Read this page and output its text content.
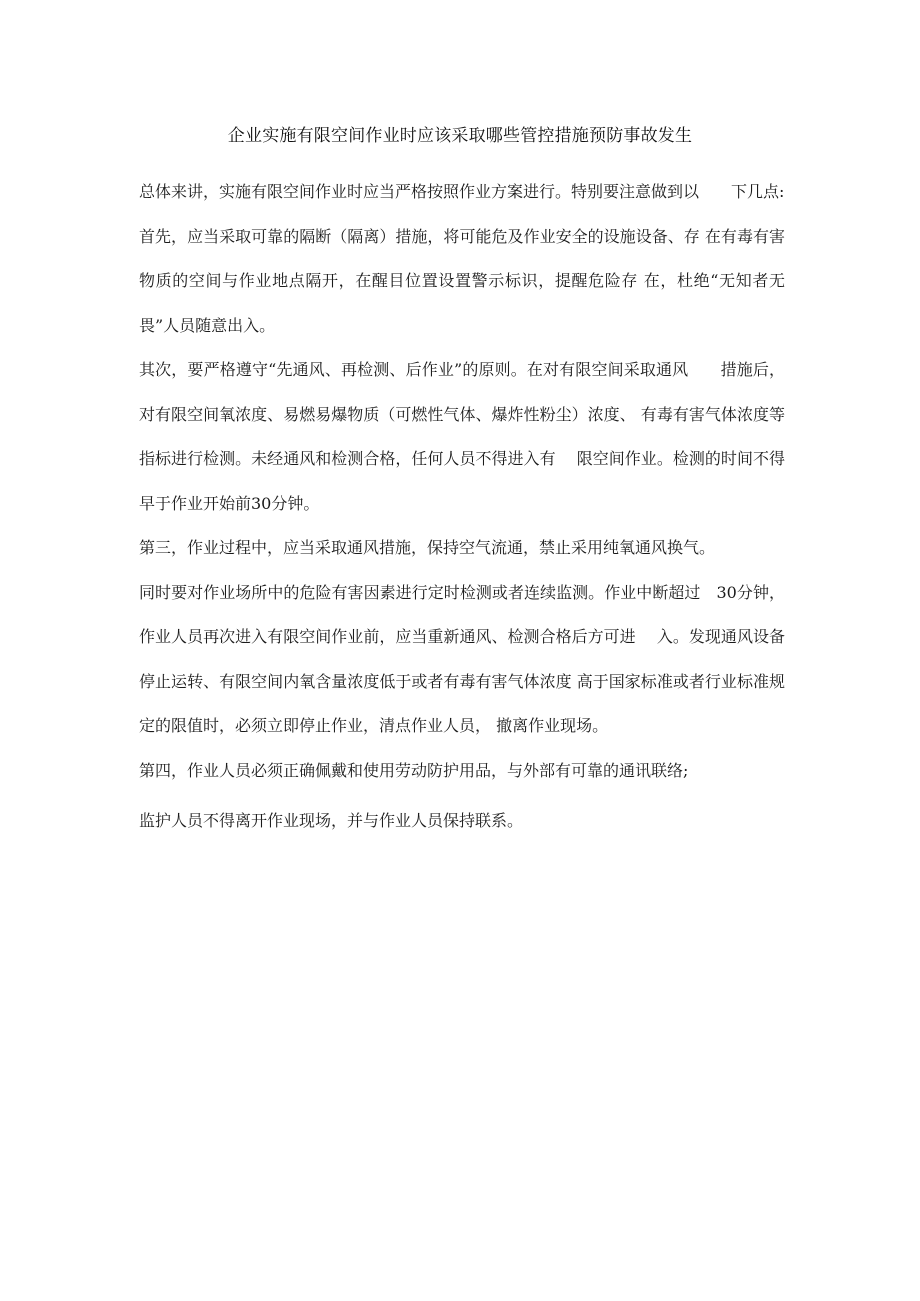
企业实施有限空间作业时应该采取哪些管控措施预防事故发生

总体来讲，实施有限空间作业时应当严格按照作业方案进行。特别要注意做到以　　下几点:

首先，应当采取可靠的隔断（隔离）措施，将可能危及作业安全的设施设备、存 在有毒有害物质的空间与作业地点隔开，在醒目位置设置警示标识，提醒危险存 在，杜绝“无知者无畏”人员随意出入。

其次，要严格遵守“先通风、再检测、后作业”的原则。在对有限空间采取通风　　措施后，对有限空间氧浓度、易燃易爆物质（可燃性气体、爆炸性粉尘）浓度、 有毒有害气体浓度等指标进行检测。未经通风和检测合格，任何人员不得进入有　 限空间作业。检测的时间不得早于作业开始前30分钟。

第三，作业过程中，应当采取通风措施，保持空气流通，禁止采用纯氧通风换气。

同时要对作业场所中的危险有害因素进行定时检测或者连续监测。作业中断超过　30分钟，作业人员再次进入有限空间作业前，应当重新通风、检测合格后方可进　 入。发现通风设备停止运转、有限空间内氧含量浓度低于或者有毒有害气体浓度 高于国家标准或者行业标准规定的限值时，必须立即停止作业，清点作业人员， 撤离作业现场。

第四，作业人员必须正确佩戴和使用劳动防护用品，与外部有可靠的通讯联络;

监护人员不得离开作业现场，并与作业人员保持联系。
